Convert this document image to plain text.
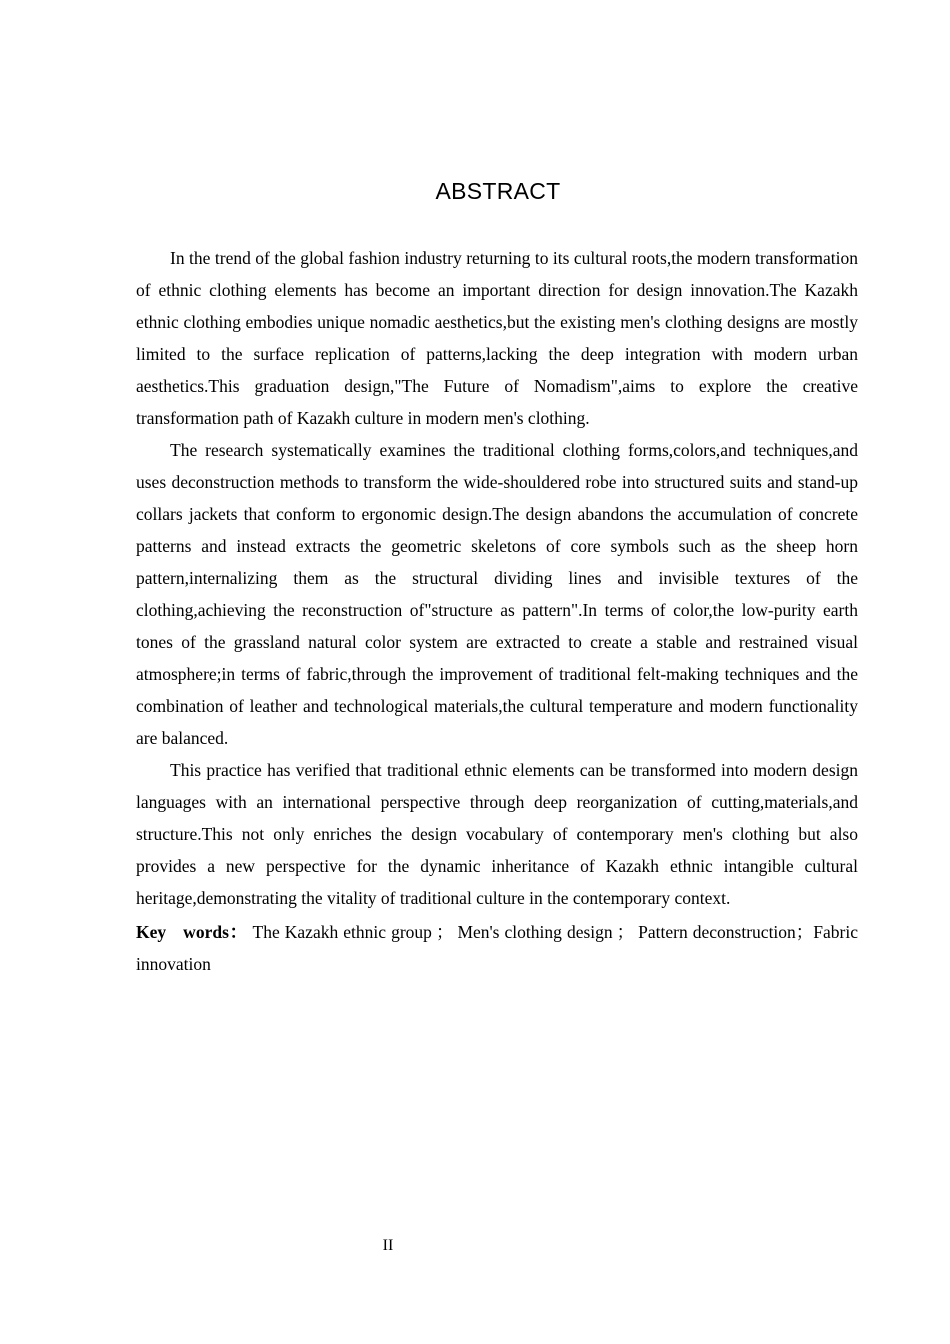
ABSTRACT

In the trend of the global fashion industry returning to its cultural roots,the modern transformation of ethnic clothing elements has become an important direction for design innovation.The Kazakh ethnic clothing embodies unique nomadic aesthetics,but the existing men's clothing designs are mostly limited to the surface replication of patterns,lacking the deep integration with modern urban aesthetics.This graduation design,"The Future of Nomadism",aims to explore the creative transformation path of Kazakh culture in modern men's clothing.

The research systematically examines the traditional clothing forms,colors,and techniques,and uses deconstruction methods to transform the wide-shouldered robe into structured suits and stand-up collars jackets that conform to ergonomic design.The design abandons the accumulation of concrete patterns and instead extracts the geometric skeletons of core symbols such as the sheep horn pattern,internalizing them as the structural dividing lines and invisible textures of the clothing,achieving the reconstruction of"structure as pattern".In terms of color,the low-purity earth tones of the grassland natural color system are extracted to create a stable and restrained visual atmosphere;in terms of fabric,through the improvement of traditional felt-making techniques and the combination of leather and technological materials,the cultural temperature and modern functionality are balanced.

This practice has verified that traditional ethnic elements can be transformed into modern design languages with an international perspective through deep reorganization of cutting,materials,and structure.This not only enriches the design vocabulary of contemporary men's clothing but also provides a new perspective for the dynamic inheritance of Kazakh ethnic intangible cultural heritage,demonstrating the vitality of traditional culture in the contemporary context.

Key words： The Kazakh ethnic group ； Men's clothing design ； Pattern deconstruction；Fabric innovation

II
